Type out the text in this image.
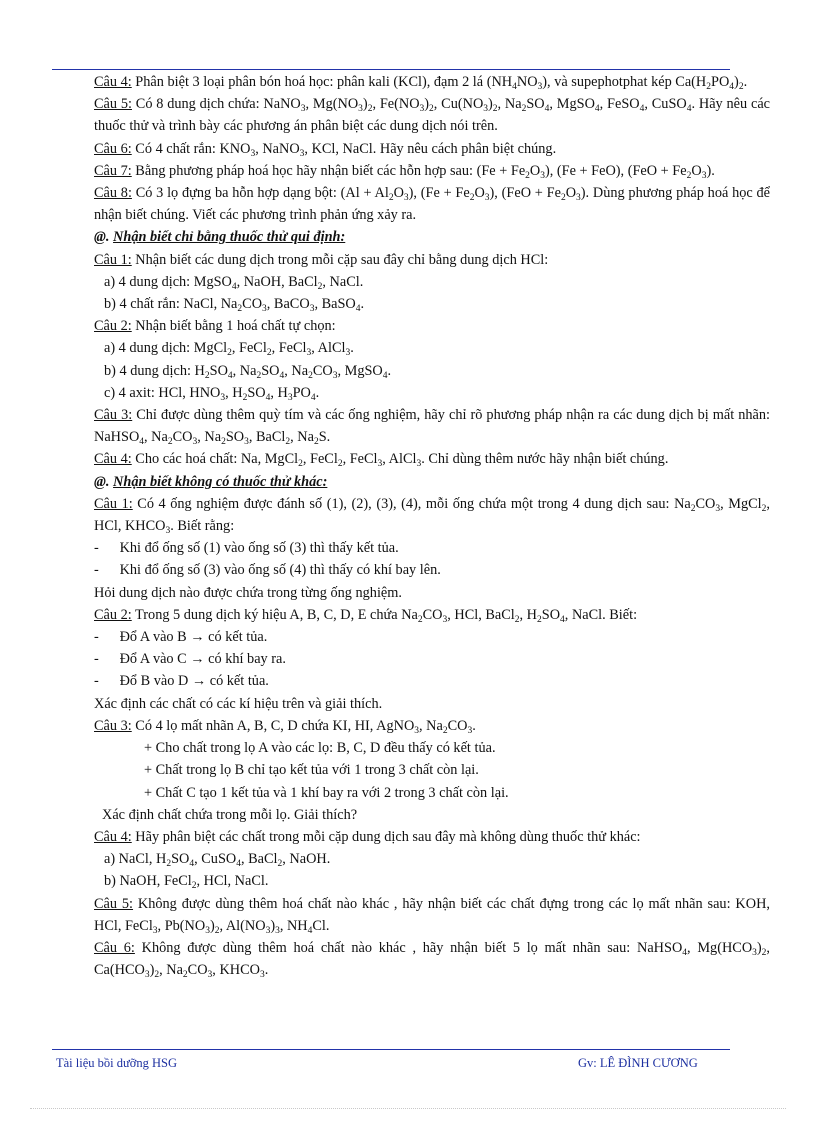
Câu 4: Phân biệt 3 loại phân bón hoá học: phân kali (KCl), đạm 2 lá $(NH_4NO_3)$, và supephotphat kép $Ca(H_2PO_4)_2$.

Câu 5: Có 8 dung dịch chứa: NaNO$_3$, $Mg(NO_3)_2$, $Fe(NO_3)_2$, $Cu(NO_3)_2$, $Na_2SO_4$, MgSO$_4$, FeSO$_4$, CuSO$_4$. Hãy nêu các thuốc thử và trình bày các phương án phân biệt các dung dịch nói trên.

Câu 6: Có 4 chất rắn: $KNO_3$, NaNO$_3$, KCl, NaCl. Hãy nêu cách phân biệt chúng.

Câu 7: Bằng phương pháp hoá học hãy nhận biết các hỗn hợp sau: $(Fe + Fe_2O_3)$, (Fe + FeO), $(FeO + Fe_2O_3)$.

Câu 8: Có 3 lọ đựng ba hỗn hợp dạng bột: $(Al + Al_2O_3)$, $(Fe + Fe_2O_3)$, $(FeO + Fe_2O_3)$. Dùng phương pháp hoá học để nhận biết chúng. Viết các phương trình phản ứng xảy ra.

@. Nhận biết chỉ bằng thuốc thử qui định:

Câu 1: Nhận biết các dung dịch trong mỗi cặp sau đây chỉ bằng dung dịch HCl:

a) 4 dung dịch: MgSO$_4$, NaOH, BaCl$_2$, NaCl.

b) 4 chất rắn: NaCl, $Na_2CO_3$, BaCO$_3$, BaSO$_4$.

Câu 2: Nhận biết bằng 1 hoá chất tự chọn:

a) 4 dung dịch: MgCl$_2$, FeCl$_2$, FeCl$_3$, AlCl$_3$.

b) 4 dung dịch: $H_2SO_4$, $Na_2SO_4$, $Na_2CO_3$, MgSO$_4$.

c) 4 axit: HCl, $HNO_3$, $H_2SO_4$, $H_3PO_4$.

Câu 3: Chỉ được dùng thêm quỳ tím và các ống nghiệm, hãy chỉ rõ phương pháp nhận ra các dung dịch bị mất nhãn: NaHSO$_4$, $Na_2CO_3$, $Na_2SO_3$, BaCl$_2$, $Na_2S$.

Câu 4: Cho các hoá chất: Na, MgCl$_2$, FeCl$_2$, FeCl$_3$, AlCl$_3$. Chỉ dùng thêm nước hãy nhận biết chúng.

@. Nhận biết không có thuốc thử khác:

Câu 1: Có 4 ống nghiệm được đánh số (1), (2), (3), (4), mỗi ống chứa một trong 4 dung dịch sau: $Na_2CO_3$, MgCl$_2$, HCl, $KHCO_3$. Biết rằng:

- Khi đổ ống số (1) vào ống số (3) thì thấy kết tủa.

- Khi đổ ống số (3) vào ống số (4) thì thấy có khí bay lên.

Hỏi dung dịch nào được chứa trong từng ống nghiệm.

Câu 2: Trong 5 dung dịch ký hiệu A, B, C, D, E chứa $Na_2CO_3$, HCl, BaCl$_2$, $H_2SO_4$, NaCl. Biết:

- Đổ A vào B → có kết tủa.

- Đổ A vào C → có khí bay ra.

- Đổ B vào D → có kết tủa.

Xác định các chất có các kí hiệu trên và giải thích.

Câu 3: Có 4 lọ mất nhãn A, B, C, D chứa KI, HI, AgNO$_3$, $Na_2CO_3$.

+ Cho chất trong lọ A vào các lọ: B, C, D đều thấy có kết tủa.

+ Chất trong lọ B chỉ tạo kết tủa với 1 trong 3 chất còn lại.

+ Chất C tạo 1 kết tủa và 1 khí bay ra với 2 trong 3 chất còn lại.

Xác định chất chứa trong mỗi lọ. Giải thích?

Câu 4: Hãy phân biệt các chất trong mỗi cặp dung dịch sau đây mà không dùng thuốc thử khác:

a) NaCl, $H_2SO_4$, CuSO$_4$, BaCl$_2$, NaOH.

b) NaOH, FeCl$_2$, HCl, NaCl.

Câu 5: Không được dùng thêm hoá chất nào khác , hãy nhận biết các chất đựng trong các lọ mất nhãn sau: KOH, HCl, FeCl$_3$, $Pb(NO_3)_2$, $Al(NO_3)_3$, $NH_4Cl$.

Câu 6: Không được dùng thêm hoá chất nào khác , hãy nhận biết 5 lọ mất nhãn sau: NaHSO$_4$, $Mg(HCO_3)_2$, $Ca(HCO_3)_2$, $Na_2CO_3$, $KHCO_3$.

Tài liệu bồi dưỡng HSG	Gv: LÊ ĐÌNH CƯƠNG
